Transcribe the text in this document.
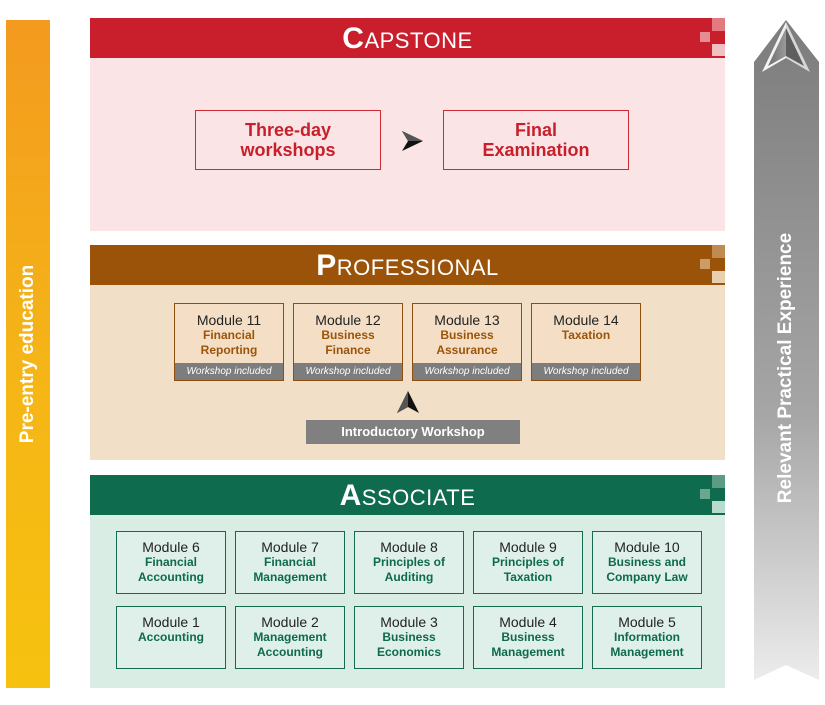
Pre-entry education	Relevant Practical Experience
CAPSTONE
Three-day
workshops
Final
Examination
PROFESSIONAL
Module 11
Financial
Reporting
Workshop included
Module 12
Business
Finance
Workshop included
Module 13
Business
Assurance
Workshop included
Module 14
Taxation
Workshop included
Introductory Workshop
ASSOCIATE
Module 6
Financial
Accounting
Module 7
Financial
Management
Module 8
Principles of
Auditing
Module 9
Principles of
Taxation
Module 10
Business and
Company Law
Module 1
Accounting
Module 2
Management
Accounting
Module 3
Business
Economics
Module 4
Business
Management
Module 5
Information
Management
